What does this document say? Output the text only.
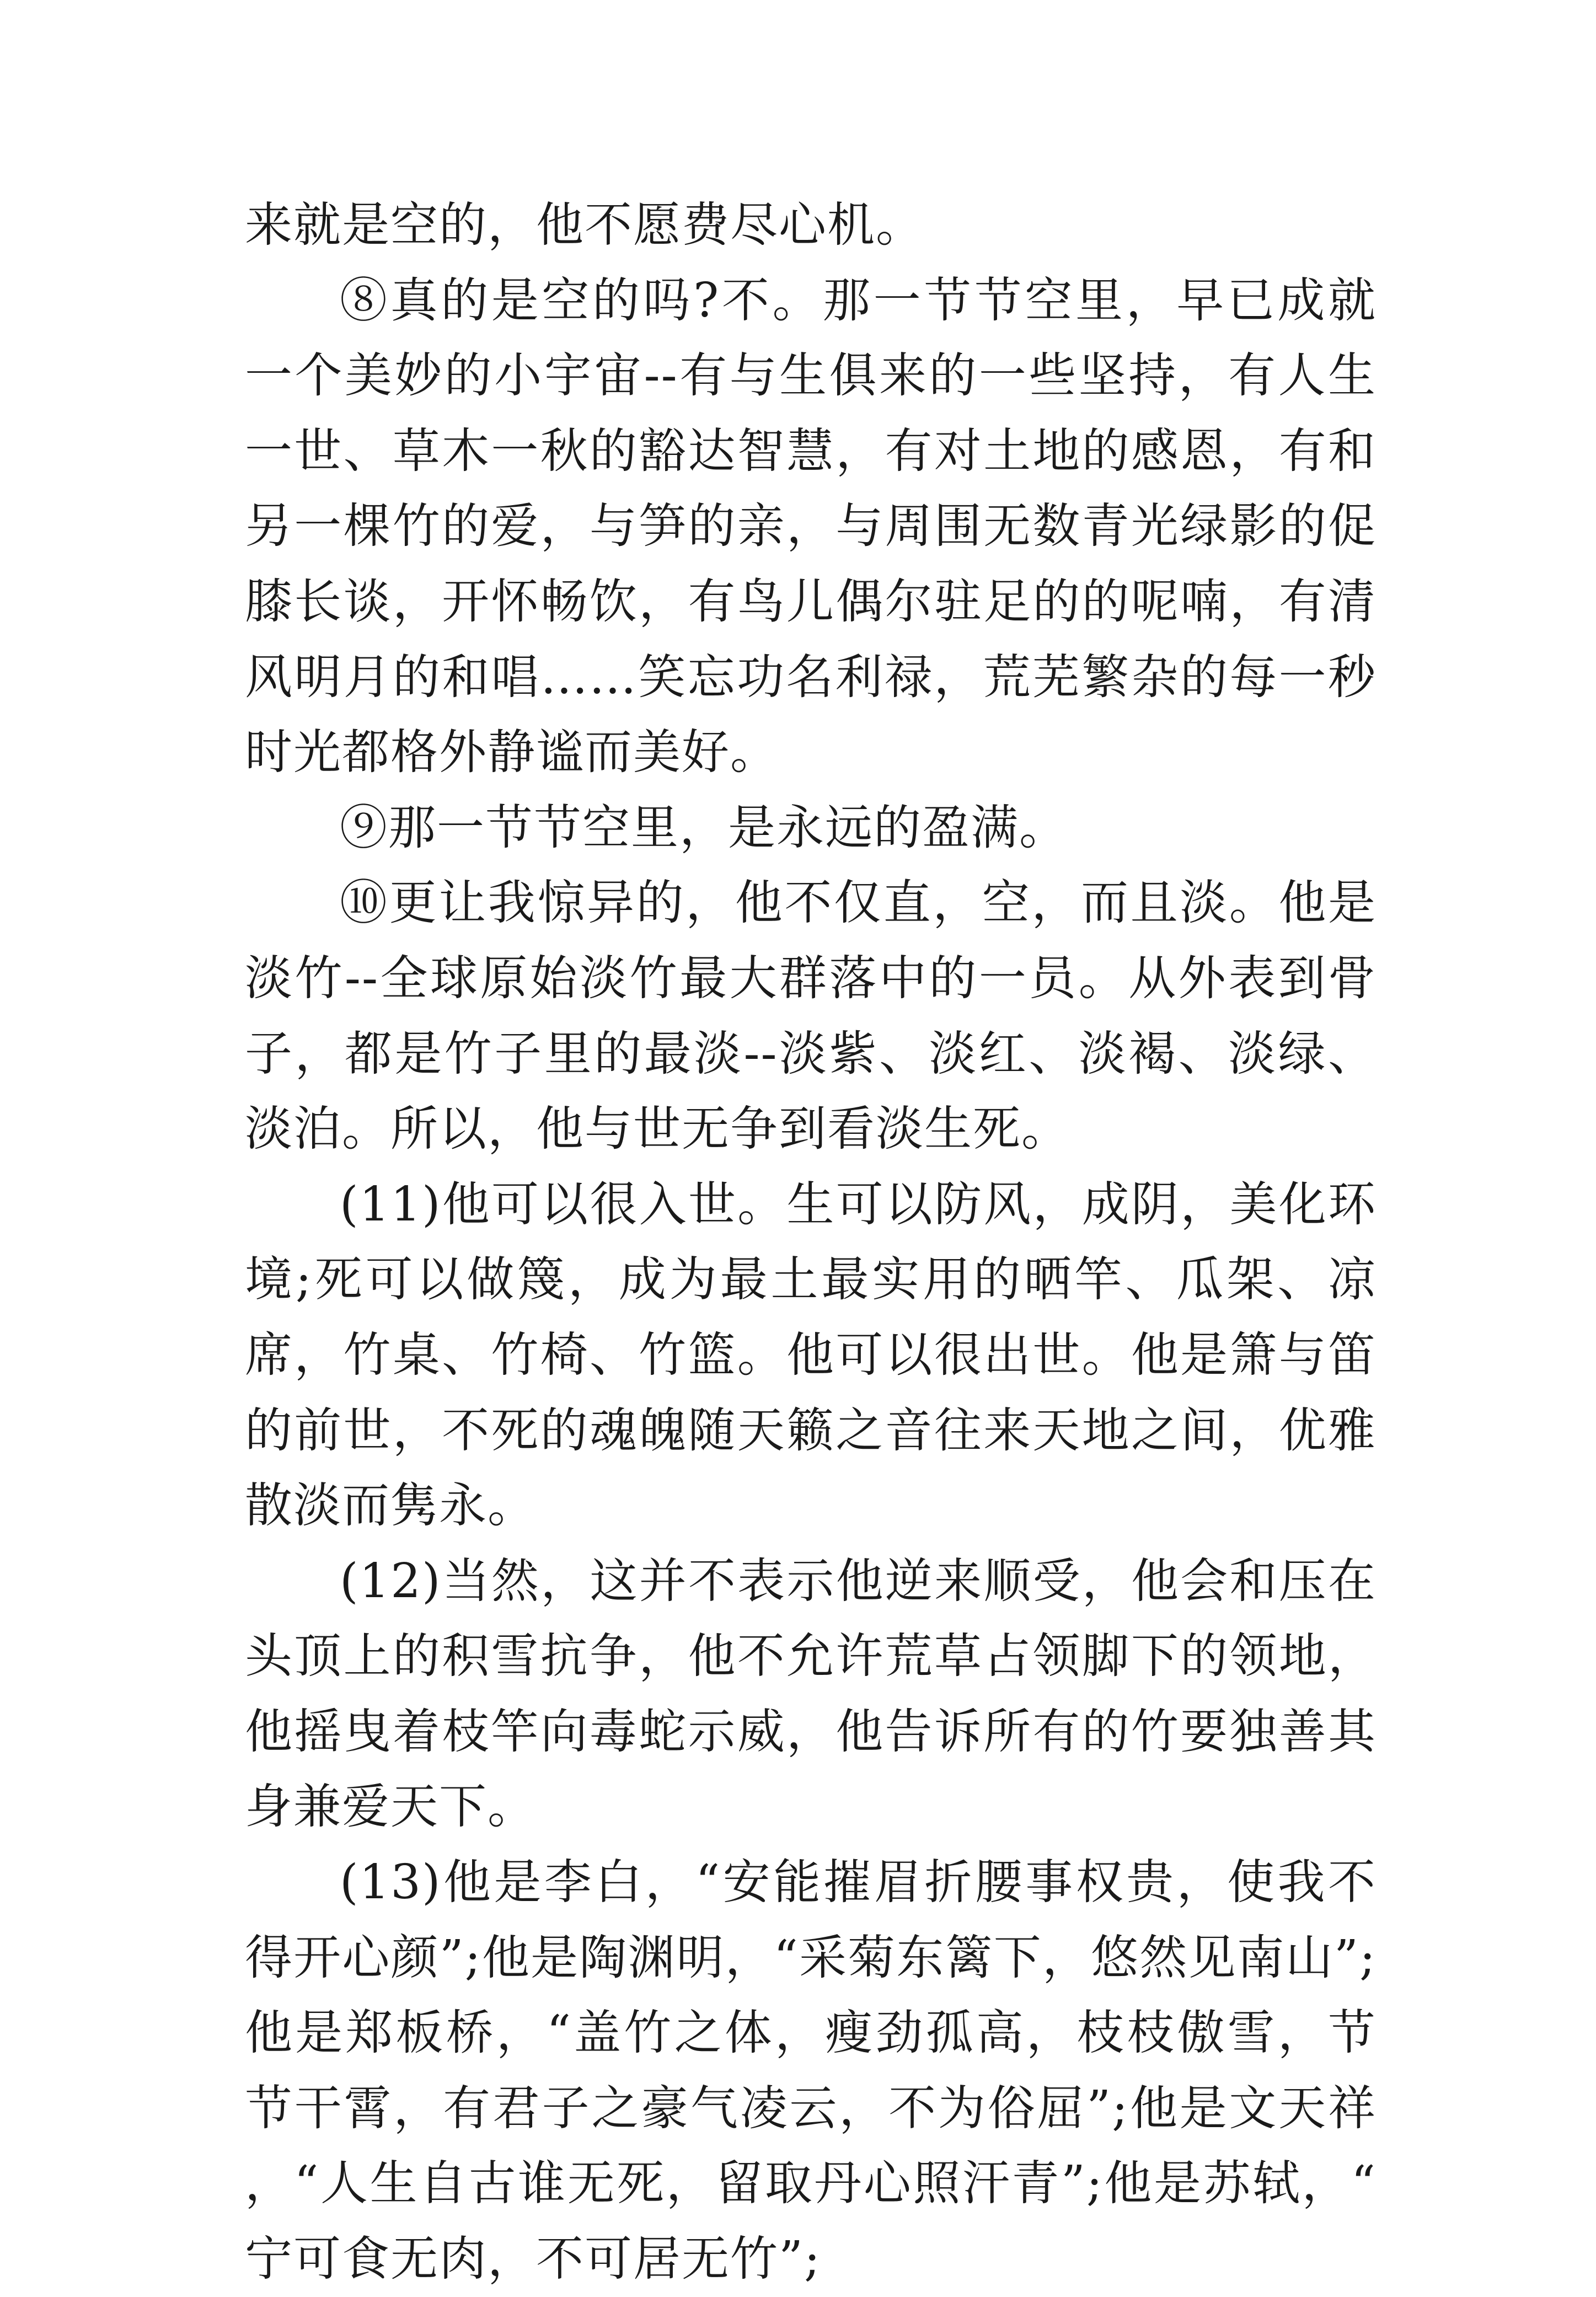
来就是空的，他不愿费尽心机。

⑧真的是空的吗?不。那一节节空里，早已成就一个美妙的小宇宙--有与生俱来的一些坚持，有人生一世、草木一秋的豁达智慧，有对土地的感恩，有和另一棵竹的爱，与笋的亲，与周围无数青光绿影的促膝长谈，开怀畅饮，有鸟儿偶尔驻足的的呢喃，有清风明月的和唱……笑忘功名利禄，荒芜繁杂的每一秒时光都格外静谧而美好。

⑨那一节节空里，是永远的盈满。

⑩更让我惊异的，他不仅直，空，而且淡。他是淡竹--全球原始淡竹最大群落中的一员。从外表到骨子，都是竹子里的最淡--淡紫、淡红、淡褐、淡绿、淡泊。所以，他与世无争到看淡生死。

(11)他可以很入世。生可以防风，成阴，美化环境;死可以做篾，成为最土最实用的晒竿、瓜架、凉席，竹桌、竹椅、竹篮。他可以很出世。他是箫与笛的前世，不死的魂魄随天籁之音往来天地之间，优雅散淡而隽永。

(12)当然，这并不表示他逆来顺受，他会和压在头顶上的积雪抗争，他不允许荒草占领脚下的领地，他摇曳着枝竿向毒蛇示威，他告诉所有的竹要独善其身兼爱天下。

(13)他是李白，“安能摧眉折腰事权贵，使我不得开心颜”;他是陶渊明，“采菊东篱下，悠然见南山”;他是郑板桥，“盖竹之体，瘦劲孤高，枝枝傲雪，节节干霄，有君子之豪气凌云，不为俗屈”;他是文天祥，“人生自古谁无死，留取丹心照汗青”;他是苏轼，“宁可食无肉，不可居无竹”;
